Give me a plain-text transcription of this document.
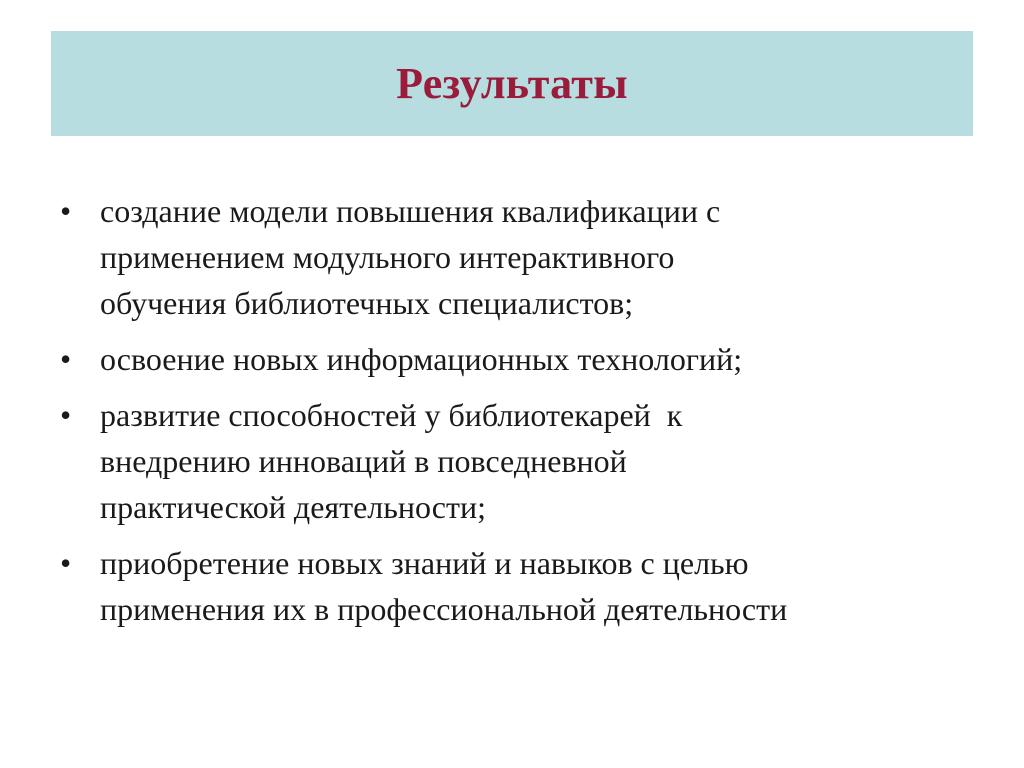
Результаты
• создание модели повышения квалификации с
применением модульного интерактивного
обучения библиотечных специалистов;
• освоение новых информационных технологий;
• развитие способностей у библиотекарей  к
внедрению инноваций в повседневной
практической деятельности;
• приобретение новых знаний и навыков с целью
применения их в профессиональной деятельности
